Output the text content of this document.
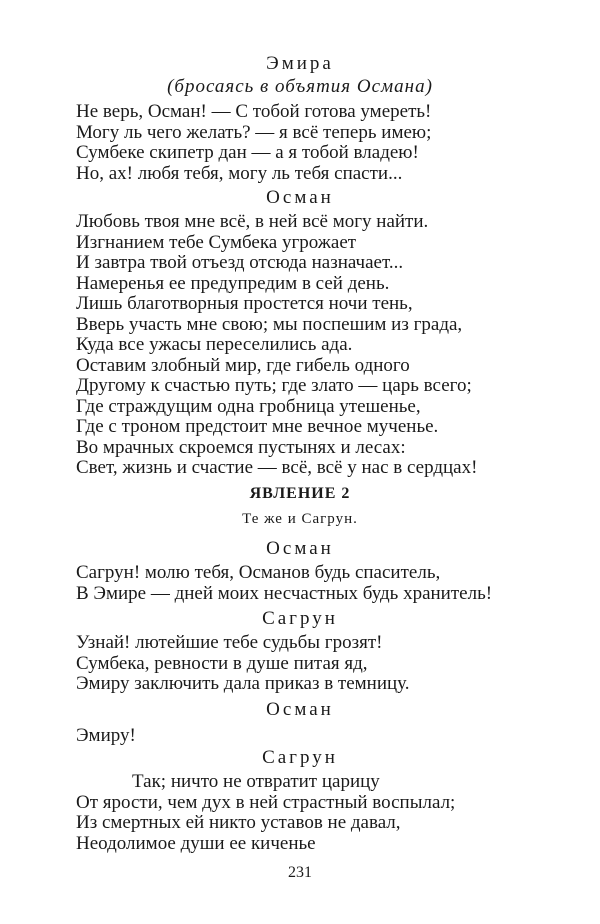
Эмира

(бросаясь в объятия Османа)

Не верь, Осман! — С тобой готова умереть!
Могу ль чего желать? — я всё теперь имею;
Сумбеке скипетр дан — а я тобой владею!
Но, ах! любя тебя, могу ль тебя спасти...

Осман

Любовь твоя мне всё, в ней всё могу найти.
Изгнанием тебе Сумбека угрожает
И завтра твой отъезд отсюда назначает...
Намеренья ее предупредим в сей день.
Лишь благотворныя простется ночи тень,
Вверь участь мне свою; мы поспешим из града,
Куда все ужасы переселились ада.
Оставим злобный мир, где гибель одного
Другому к счастью путь; где злато — царь всего;
Где страждущим одна гробница утешенье,
Где с троном предстоит мне вечное мученье.
Во мрачных скроемся пустынях и лесах:
Свет, жизнь и счастие — всё, всё у нас в сердцах!

ЯВЛЕНИЕ 2

Те же и Сагрун.

Осман

Сагрун! молю тебя, Османов будь спаситель,
В Эмире — дней моих несчастных будь хранитель!

Сагрун

Узнай! лютейшие тебе судьбы грозят!
Сумбека, ревности в душе питая яд,
Эмиру заключить дала приказ в темницу.

Осман

Эмиру!

Сагрун

Так; ничто не отвратит царицу
От ярости, чем дух в ней страстный воспылал;
Из смертных ей никто уставов не давал,
Неодолимое души ее киченье
231
